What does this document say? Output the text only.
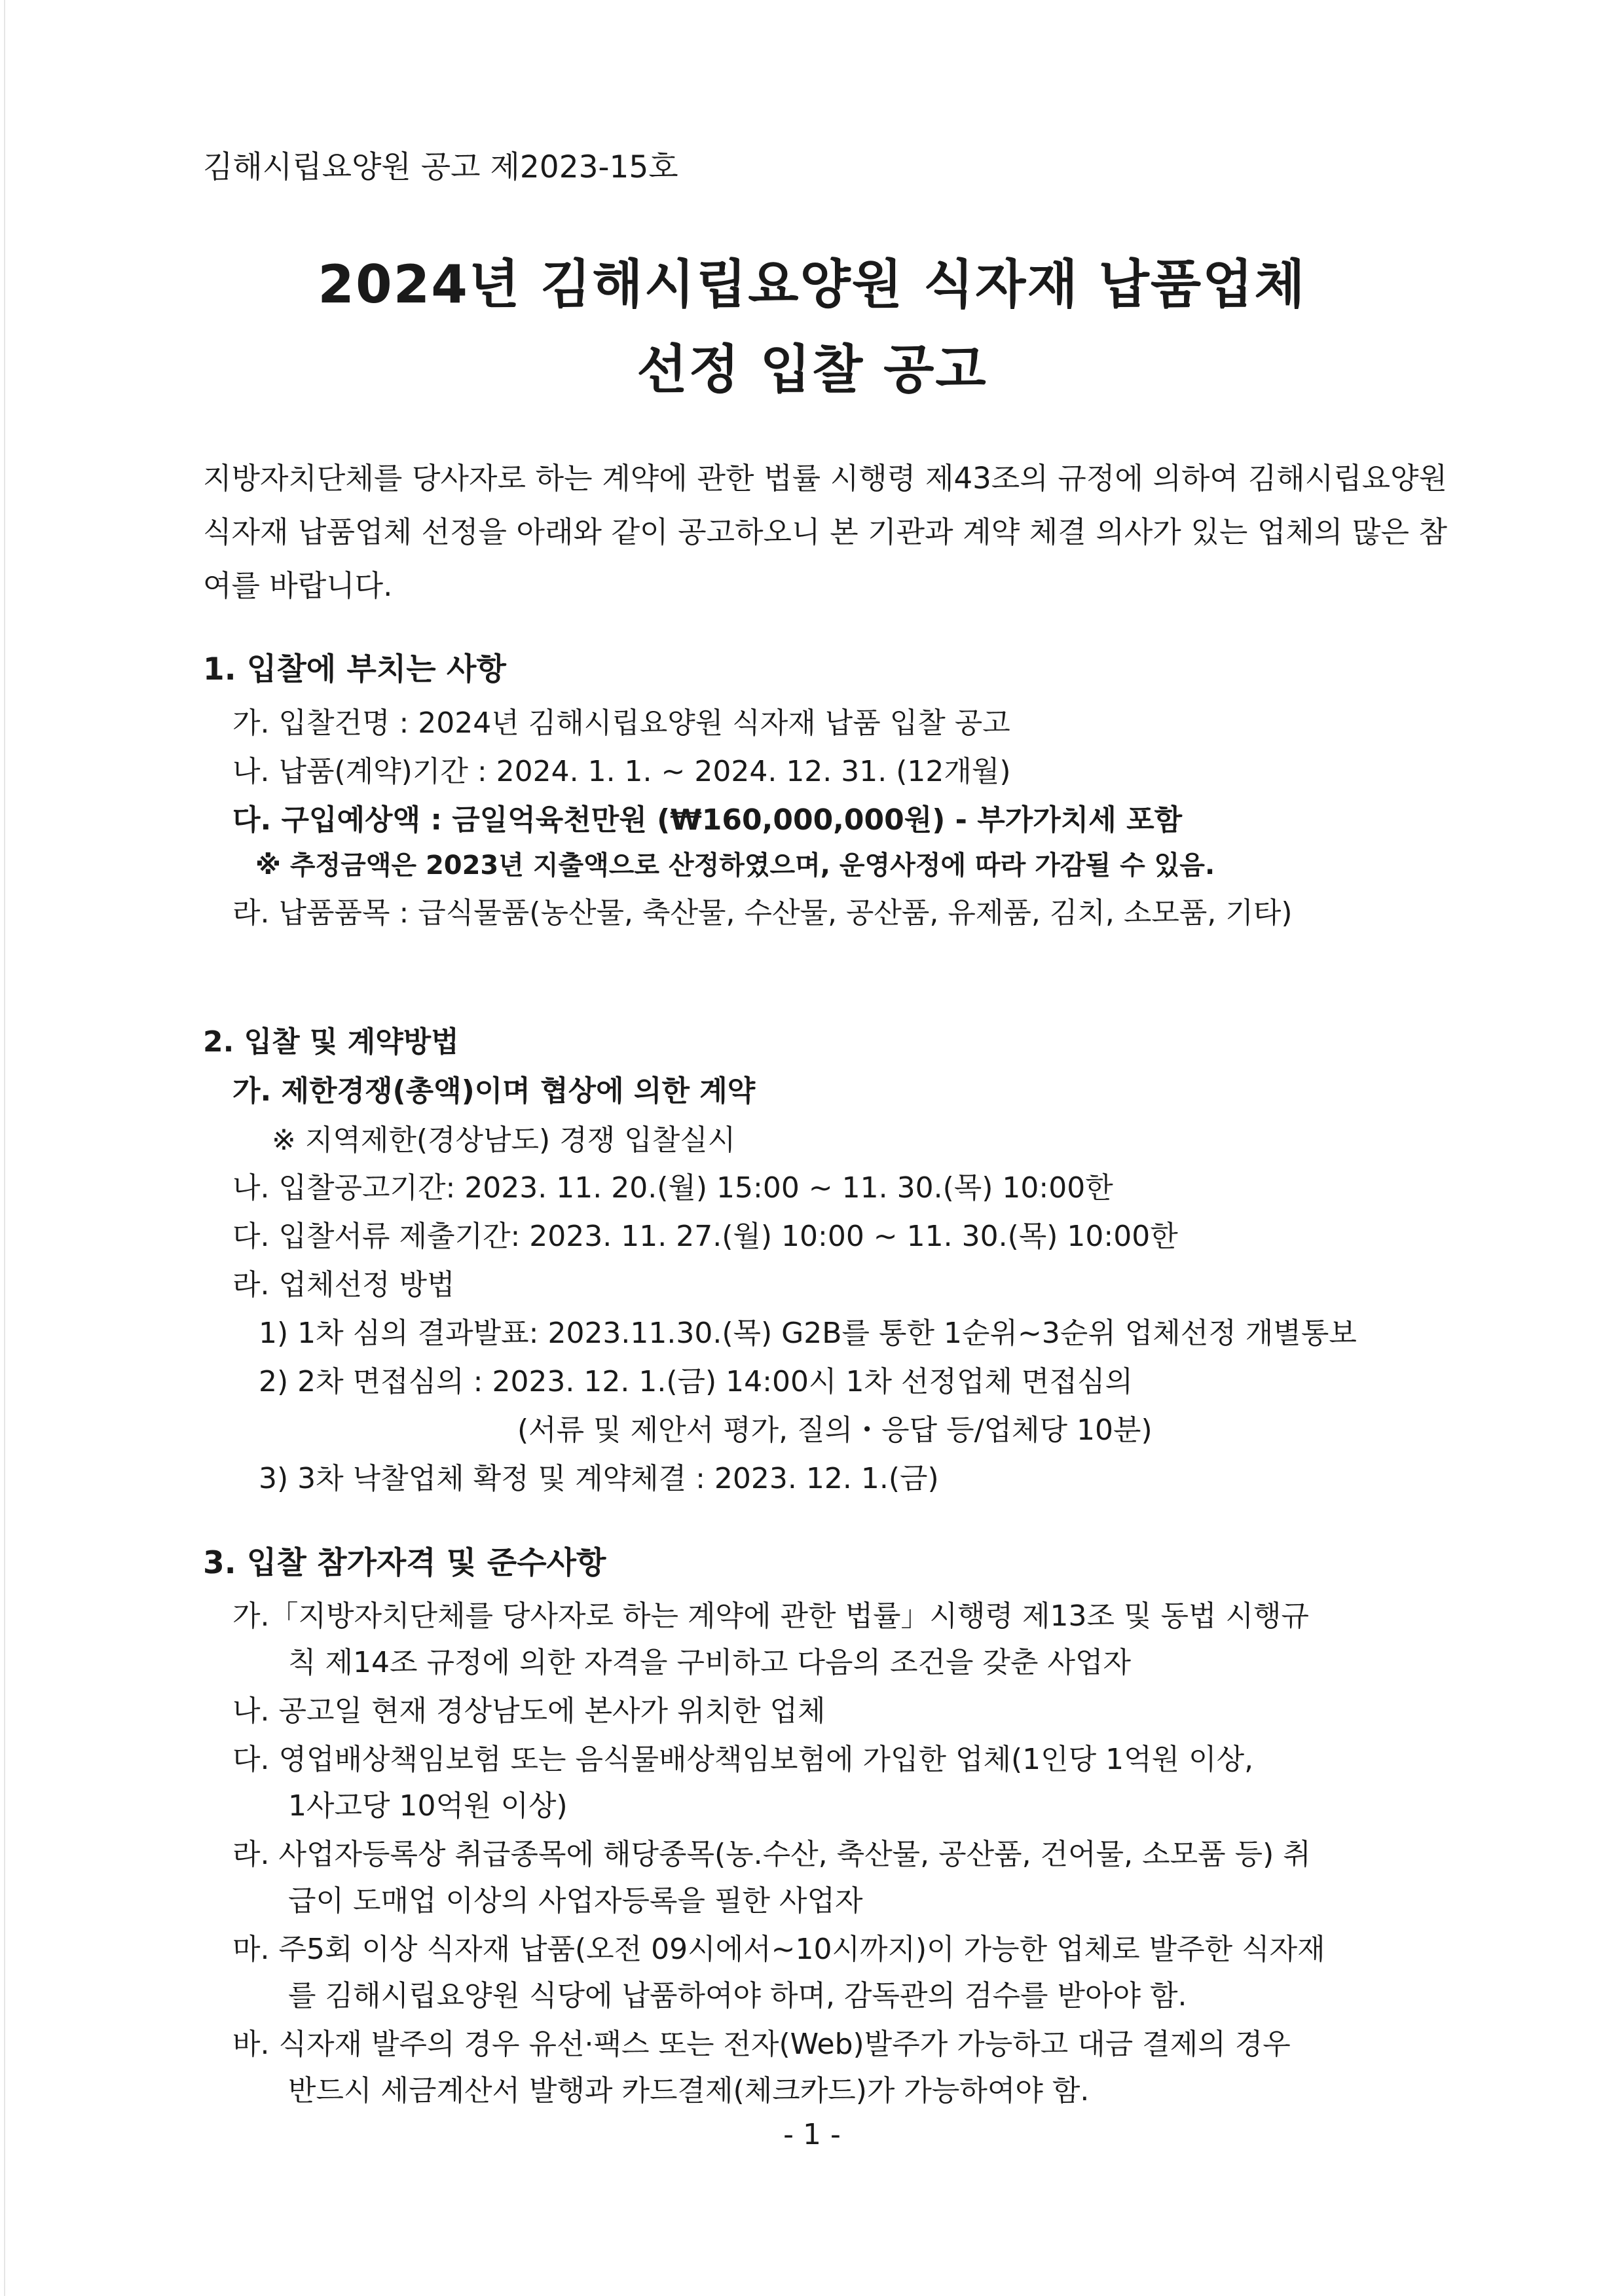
김해시립요양원 공고 제2023-15호
2024년 김해시립요양원 식자재 납품업체
선정 입찰 공고
지방자치단체를 당사자로 하는 계약에 관한 법률 시행령 제43조의 규정에 의하여 김해시립요양원 식자재 납품업체 선정을 아래와 같이 공고하오니 본 기관과 계약 체결 의사가 있는 업체의 많은 참여를 바랍니다.
1. 입찰에 부치는 사항
가. 입찰건명 : 2024년 김해시립요양원 식자재 납품 입찰 공고
나. 납품(계약)기간 : 2024. 1. 1. ~ 2024. 12. 31. (12개월)
다. 구입예상액 : 금일억육천만원 (₩160,000,000원) - 부가가치세 포함
※ 추정금액은 2023년 지출액으로 산정하였으며, 운영사정에 따라 가감될 수 있음.
라. 납품품목 : 급식물품(농산물, 축산물, 수산물, 공산품, 유제품, 김치, 소모품, 기타)
2. 입찰 및 계약방법
가. 제한경쟁(총액)이며 협상에 의한 계약
※ 지역제한(경상남도) 경쟁 입찰실시
나. 입찰공고기간: 2023. 11. 20.(월) 15:00 ~ 11. 30.(목) 10:00한
다. 입찰서류 제출기간: 2023. 11. 27.(월) 10:00 ~ 11. 30.(목) 10:00한
라. 업체선정 방법
1) 1차 심의 결과발표: 2023.11.30.(목) G2B를 통한 1순위~3순위 업체선정 개별통보
2) 2차 면접심의 : 2023. 12. 1.(금) 14:00시 1차 선정업체 면접심의
(서류 및 제안서 평가, 질의・응답 등/업체당 10분)
3) 3차 낙찰업체 확정 및 계약체결 : 2023. 12. 1.(금)
3. 입찰 참가자격 및 준수사항
가.「지방자치단체를 당사자로 하는 계약에 관한 법률」시행령 제13조 및 동법 시행규
칙 제14조 규정에 의한 자격을 구비하고 다음의 조건을 갖춘 사업자
나. 공고일 현재 경상남도에 본사가 위치한 업체
다. 영업배상책임보험 또는 음식물배상책임보험에 가입한 업체(1인당 1억원 이상,
1사고당 10억원 이상)
라. 사업자등록상 취급종목에 해당종목(농.수산, 축산물, 공산품, 건어물, 소모품 등) 취
급이 도매업 이상의 사업자등록을 필한 사업자
마. 주5회 이상 식자재 납품(오전 09시에서~10시까지)이 가능한 업체로 발주한 식자재
를 김해시립요양원 식당에 납품하여야 하며, 감독관의 검수를 받아야 함.
바. 식자재 발주의 경우 유선·팩스 또는 전자(Web)발주가 가능하고 대금 결제의 경우
반드시 세금계산서 발행과 카드결제(체크카드)가 가능하여야 함.
- 1 -
